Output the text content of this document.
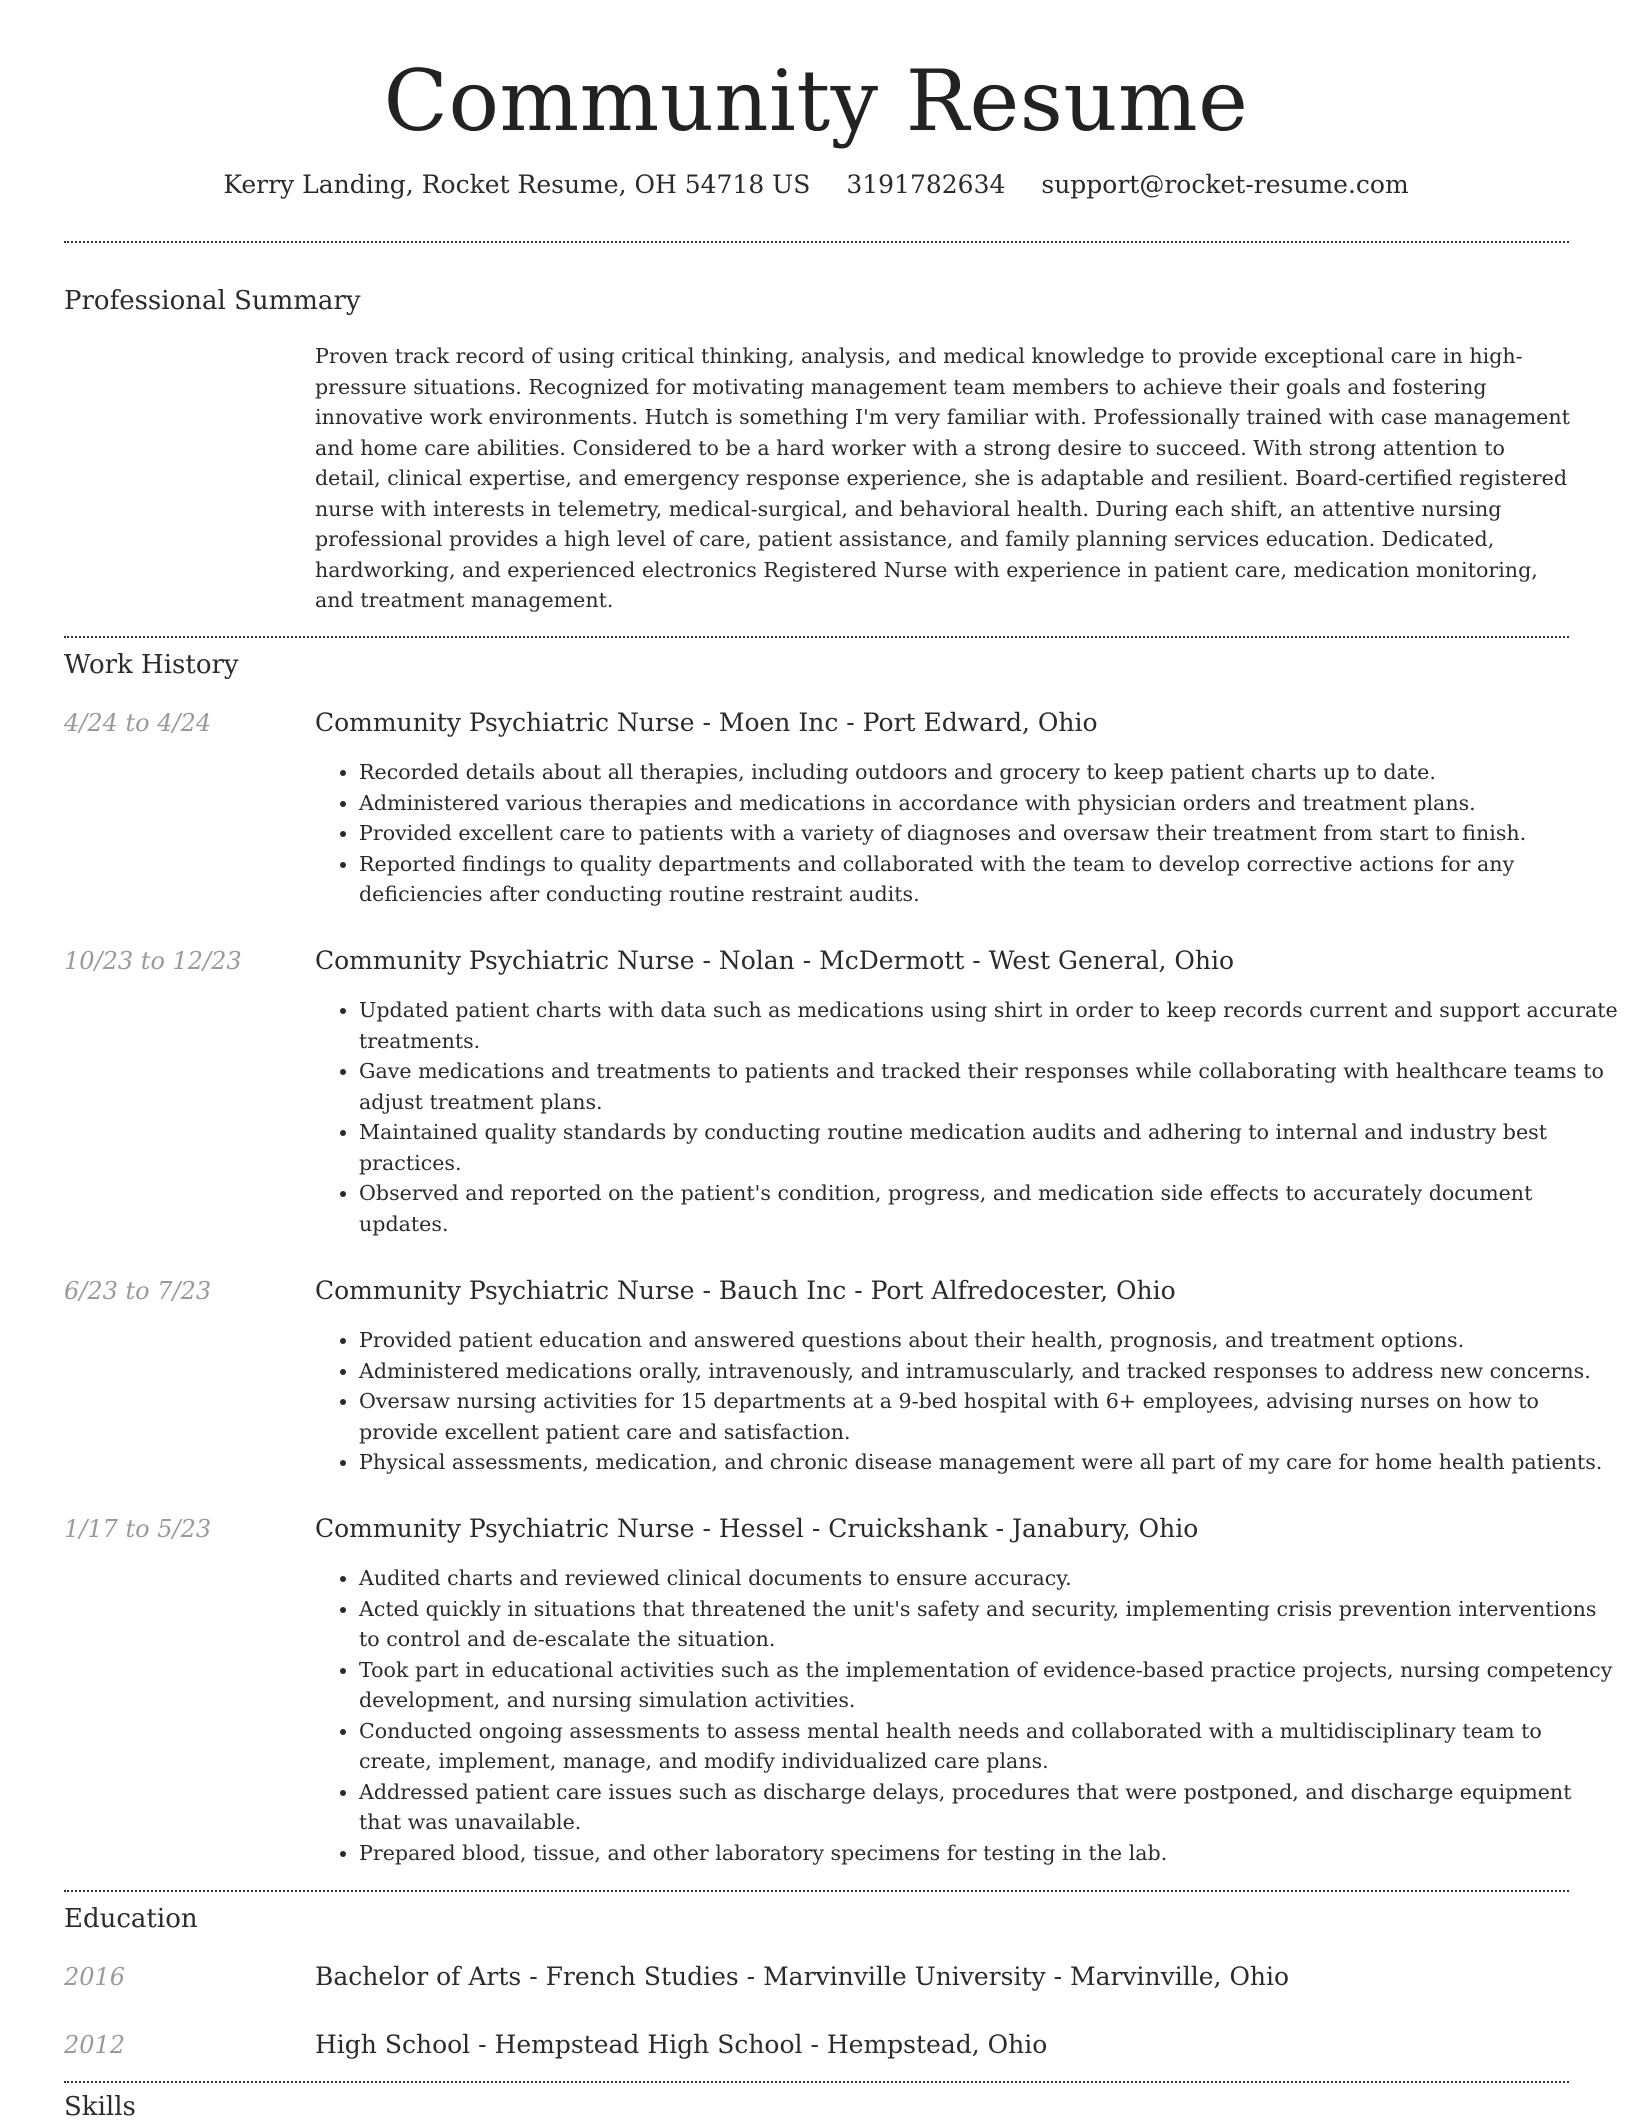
Community Resume
Kerry Landing, Rocket Resume, OH 54718 US 3191782634 support@rocket-resume.com
Professional Summary

Proven track record of using critical thinking, analysis, and medical knowledge to provide exceptional care in high-pressure situations. Recognized for motivating management team members to achieve their goals and fostering innovative work environments. Hutch is something I'm very familiar with. Professionally trained with case management and home care abilities. Considered to be a hard worker with a strong desire to succeed. With strong attention to detail, clinical expertise, and emergency response experience, she is adaptable and resilient. Board-certified registered nurse with interests in telemetry, medical-surgical, and behavioral health. During each shift, an attentive nursing professional provides a high level of care, patient assistance, and family planning services education. Dedicated, hardworking, and experienced electronics Registered Nurse with experience in patient care, medication monitoring, and treatment management.

Work History
4/24 to 4/24	Community Psychiatric Nurse - Moen Inc - Port Edward, Ohio
• Recorded details about all therapies, including outdoors and grocery to keep patient charts up to date.
• Administered various therapies and medications in accordance with physician orders and treatment plans.
• Provided excellent care to patients with a variety of diagnoses and oversaw their treatment from start to finish.
• Reported findings to quality departments and collaborated with the team to develop corrective actions for any deficiencies after conducting routine restraint audits.
10/23 to 12/23	Community Psychiatric Nurse - Nolan - McDermott - West General, Ohio
• Updated patient charts with data such as medications using shirt in order to keep records current and support accurate treatments.
• Gave medications and treatments to patients and tracked their responses while collaborating with healthcare teams to adjust treatment plans.
• Maintained quality standards by conducting routine medication audits and adhering to internal and industry best practices.
• Observed and reported on the patient's condition, progress, and medication side effects to accurately document updates.
6/23 to 7/23	Community Psychiatric Nurse - Bauch Inc - Port Alfredocester, Ohio
• Provided patient education and answered questions about their health, prognosis, and treatment options.
• Administered medications orally, intravenously, and intramuscularly, and tracked responses to address new concerns.
• Oversaw nursing activities for 15 departments at a 9-bed hospital with 6+ employees, advising nurses on how to provide excellent patient care and satisfaction.
• Physical assessments, medication, and chronic disease management were all part of my care for home health patients.
1/17 to 5/23	Community Psychiatric Nurse - Hessel - Cruickshank - Janabury, Ohio
• Audited charts and reviewed clinical documents to ensure accuracy.
• Acted quickly in situations that threatened the unit's safety and security, implementing crisis prevention interventions to control and de-escalate the situation.
• Took part in educational activities such as the implementation of evidence-based practice projects, nursing competency development, and nursing simulation activities.
• Conducted ongoing assessments to assess mental health needs and collaborated with a multidisciplinary team to create, implement, manage, and modify individualized care plans.
• Addressed patient care issues such as discharge delays, procedures that were postponed, and discharge equipment that was unavailable.
• Prepared blood, tissue, and other laboratory specimens for testing in the lab.
Education
2016	Bachelor of Arts - French Studies - Marvinville University - Marvinville, Ohio
2012	High School - Hempstead High School - Hempstead, Ohio
Skills
